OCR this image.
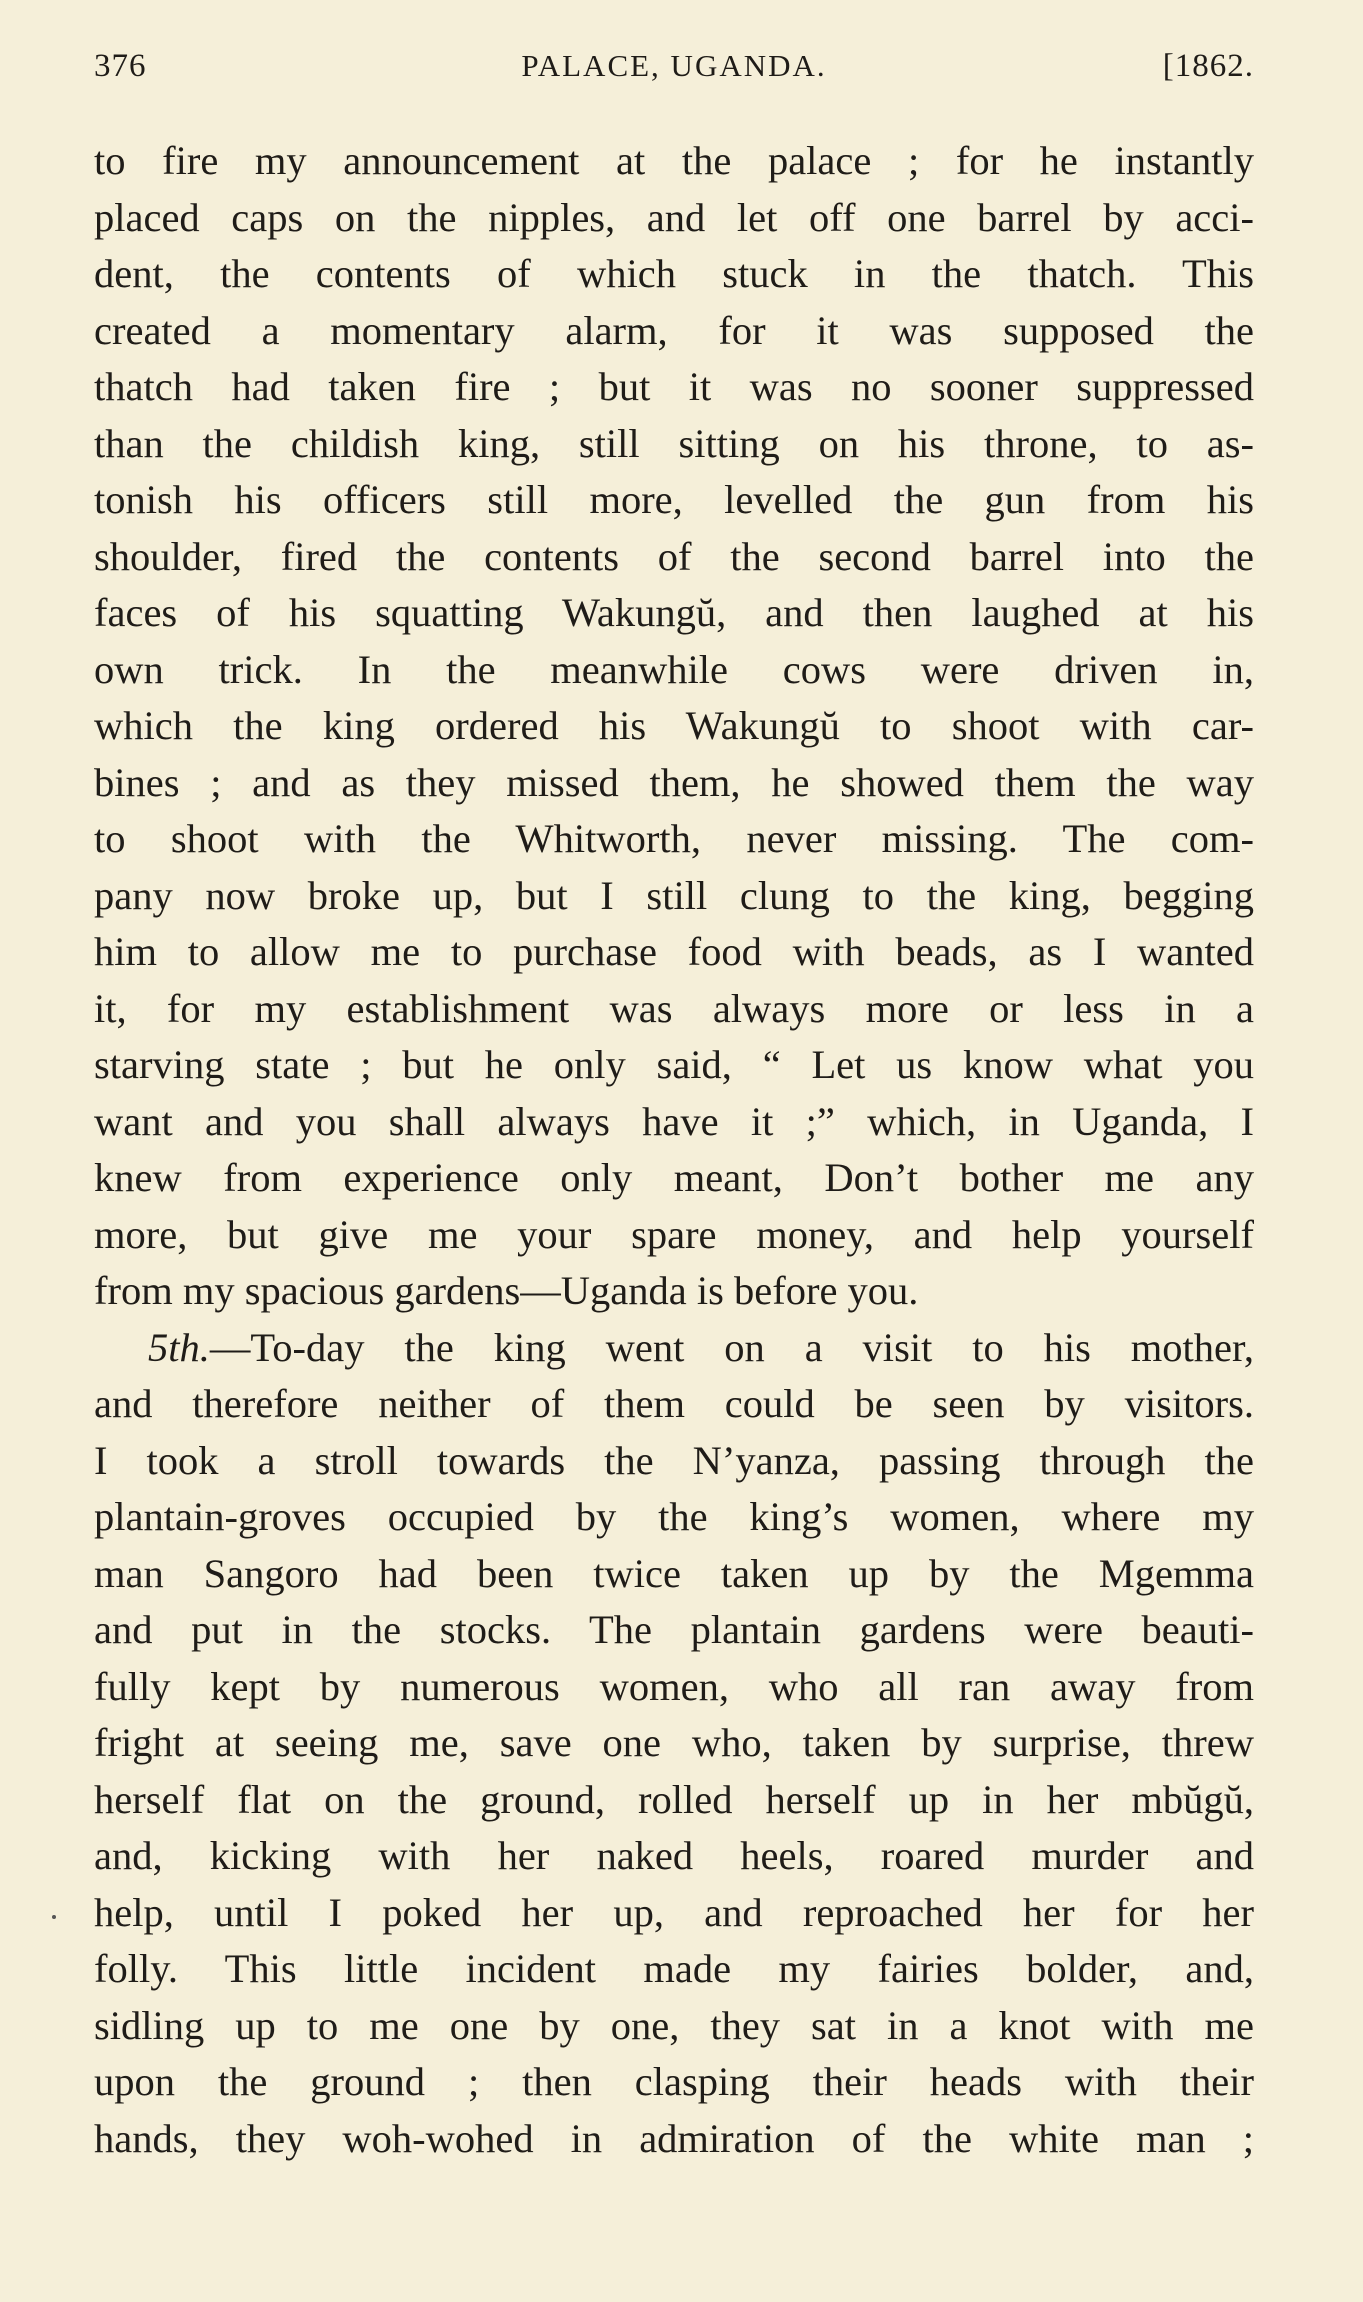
376	PALACE, UGANDA.	[1862.
to fire my announcement at the palace ; for he instantly
placed caps on the nipples, and let off one barrel by acci-
dent, the contents of which stuck in the thatch. This
created a momentary alarm, for it was supposed the
thatch had taken fire ; but it was no sooner suppressed
than the childish king, still sitting on his throne, to as-
tonish his officers still more, levelled the gun from his
shoulder, fired the contents of the second barrel into the
faces of his squatting Wakungŭ, and then laughed at his
own trick. In the meanwhile cows were driven in,
which the king ordered his Wakungŭ to shoot with car-
bines ; and as they missed them, he showed them the way
to shoot with the Whitworth, never missing. The com-
pany now broke up, but I still clung to the king, begging
him to allow me to purchase food with beads, as I wanted
it, for my establishment was always more or less in a
starving state ; but he only said, “ Let us know what you
want and you shall always have it ;” which, in Uganda, I
knew from experience only meant, Don’t bother me any
more, but give me your spare money, and help yourself
from my spacious gardens—Uganda is before you.
5th.—To-day the king went on a visit to his mother,
and therefore neither of them could be seen by visitors.
I took a stroll towards the N’yanza, passing through the
plantain-groves occupied by the king’s women, where my
man Sangoro had been twice taken up by the Mgemma
and put in the stocks. The plantain gardens were beauti-
fully kept by numerous women, who all ran away from
fright at seeing me, save one who, taken by surprise, threw
herself flat on the ground, rolled herself up in her mbŭgŭ,
and, kicking with her naked heels, roared murder and
help, until I poked her up, and reproached her for her
folly. This little incident made my fairies bolder, and,
sidling up to me one by one, they sat in a knot with me
upon the ground ; then clasping their heads with their
hands, they woh-wohed in admiration of the white man ;
